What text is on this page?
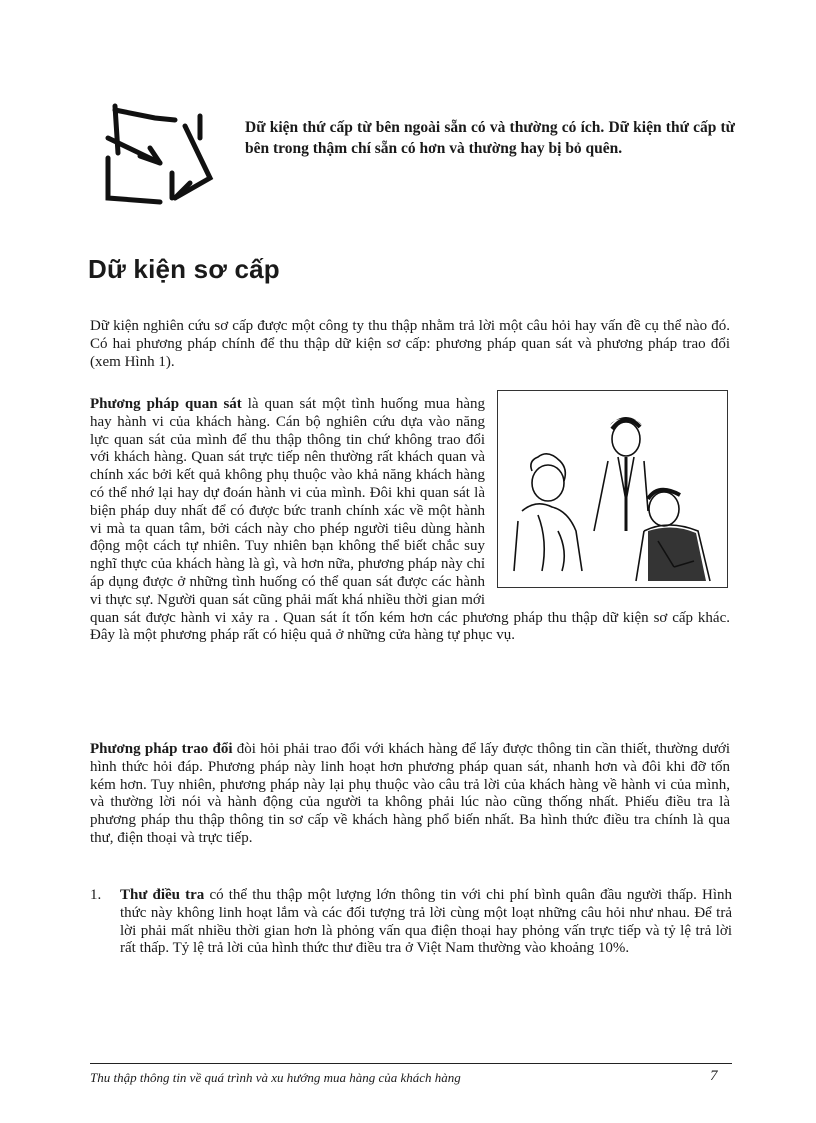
Dữ kiện thứ cấp từ bên ngoài sẵn có và thường có ích. Dữ kiện thứ cấp từ bên trong thậm chí sẵn có hơn và thường hay bị bỏ quên.
Dữ kiện sơ cấp

Dữ kiện nghiên cứu sơ cấp được một công ty thu thập nhằm trả lời một câu hỏi hay vấn đề cụ thể nào đó. Có hai phương pháp chính để thu thập dữ kiện sơ cấp: phương pháp quan sát và phương pháp trao đổi (xem Hình 1).

Phương pháp quan sát là quan sát một tình huống mua hàng hay hành vi của khách hàng. Cán bộ nghiên cứu dựa vào năng lực quan sát của mình để thu thập thông tin chứ không trao đổi với khách hàng. Quan sát trực tiếp nên thường rất khách quan và chính xác bởi kết quả không phụ thuộc vào khả năng khách hàng có thể nhớ lại hay dự đoán hành vi của mình. Đôi khi quan sát là biện pháp duy nhất để có được bức tranh chính xác về một hành vi mà ta quan tâm, bởi cách này cho phép người tiêu dùng hành động một cách tự nhiên. Tuy nhiên bạn không thể biết chắc suy nghĩ thực của khách hàng là gì, và hơn nữa, phương pháp này chỉ áp dụng được ở những tình huống có thể quan sát được các hành vi thực sự. Người quan sát cũng phải mất khá nhiều thời gian mới quan sát được hành vi xảy ra . Quan sát ít tốn kém hơn các phương pháp thu thập dữ kiện sơ cấp khác. Đây là một phương pháp rất có hiệu quả ở những cửa hàng tự phục vụ.

Phương pháp trao đổi đòi hỏi phải trao đổi với khách hàng để lấy được thông tin cần thiết, thường dưới hình thức hỏi đáp. Phương pháp này linh hoạt hơn phương pháp quan sát, nhanh hơn và đôi khi đỡ tốn kém hơn. Tuy nhiên, phương pháp này lại phụ thuộc vào câu trả lời của khách hàng về hành vi của mình, và thường lời nói và hành động của người ta không phải lúc nào cũng thống nhất. Phiếu điều tra là phương pháp thu thập thông tin sơ cấp về khách hàng phổ biến nhất. Ba hình thức điều tra chính là qua thư, điện thoại và trực tiếp.

1. Thư điều tra có thể thu thập một lượng lớn thông tin với chi phí bình quân đầu người thấp. Hình thức này không linh hoạt lắm và các đối tượng trả lời cùng một loạt những câu hỏi như nhau. Để trả lời phải mất nhiều thời gian hơn là phỏng vấn qua điện thoại hay phỏng vấn trực tiếp và tỷ lệ trả lời rất thấp. Tỷ lệ trả lời của hình thức thư điều tra ở Việt Nam thường vào khoảng 10%.
Thu thập thông tin về quá trình và xu hướng mua hàng của khách hàng	7
